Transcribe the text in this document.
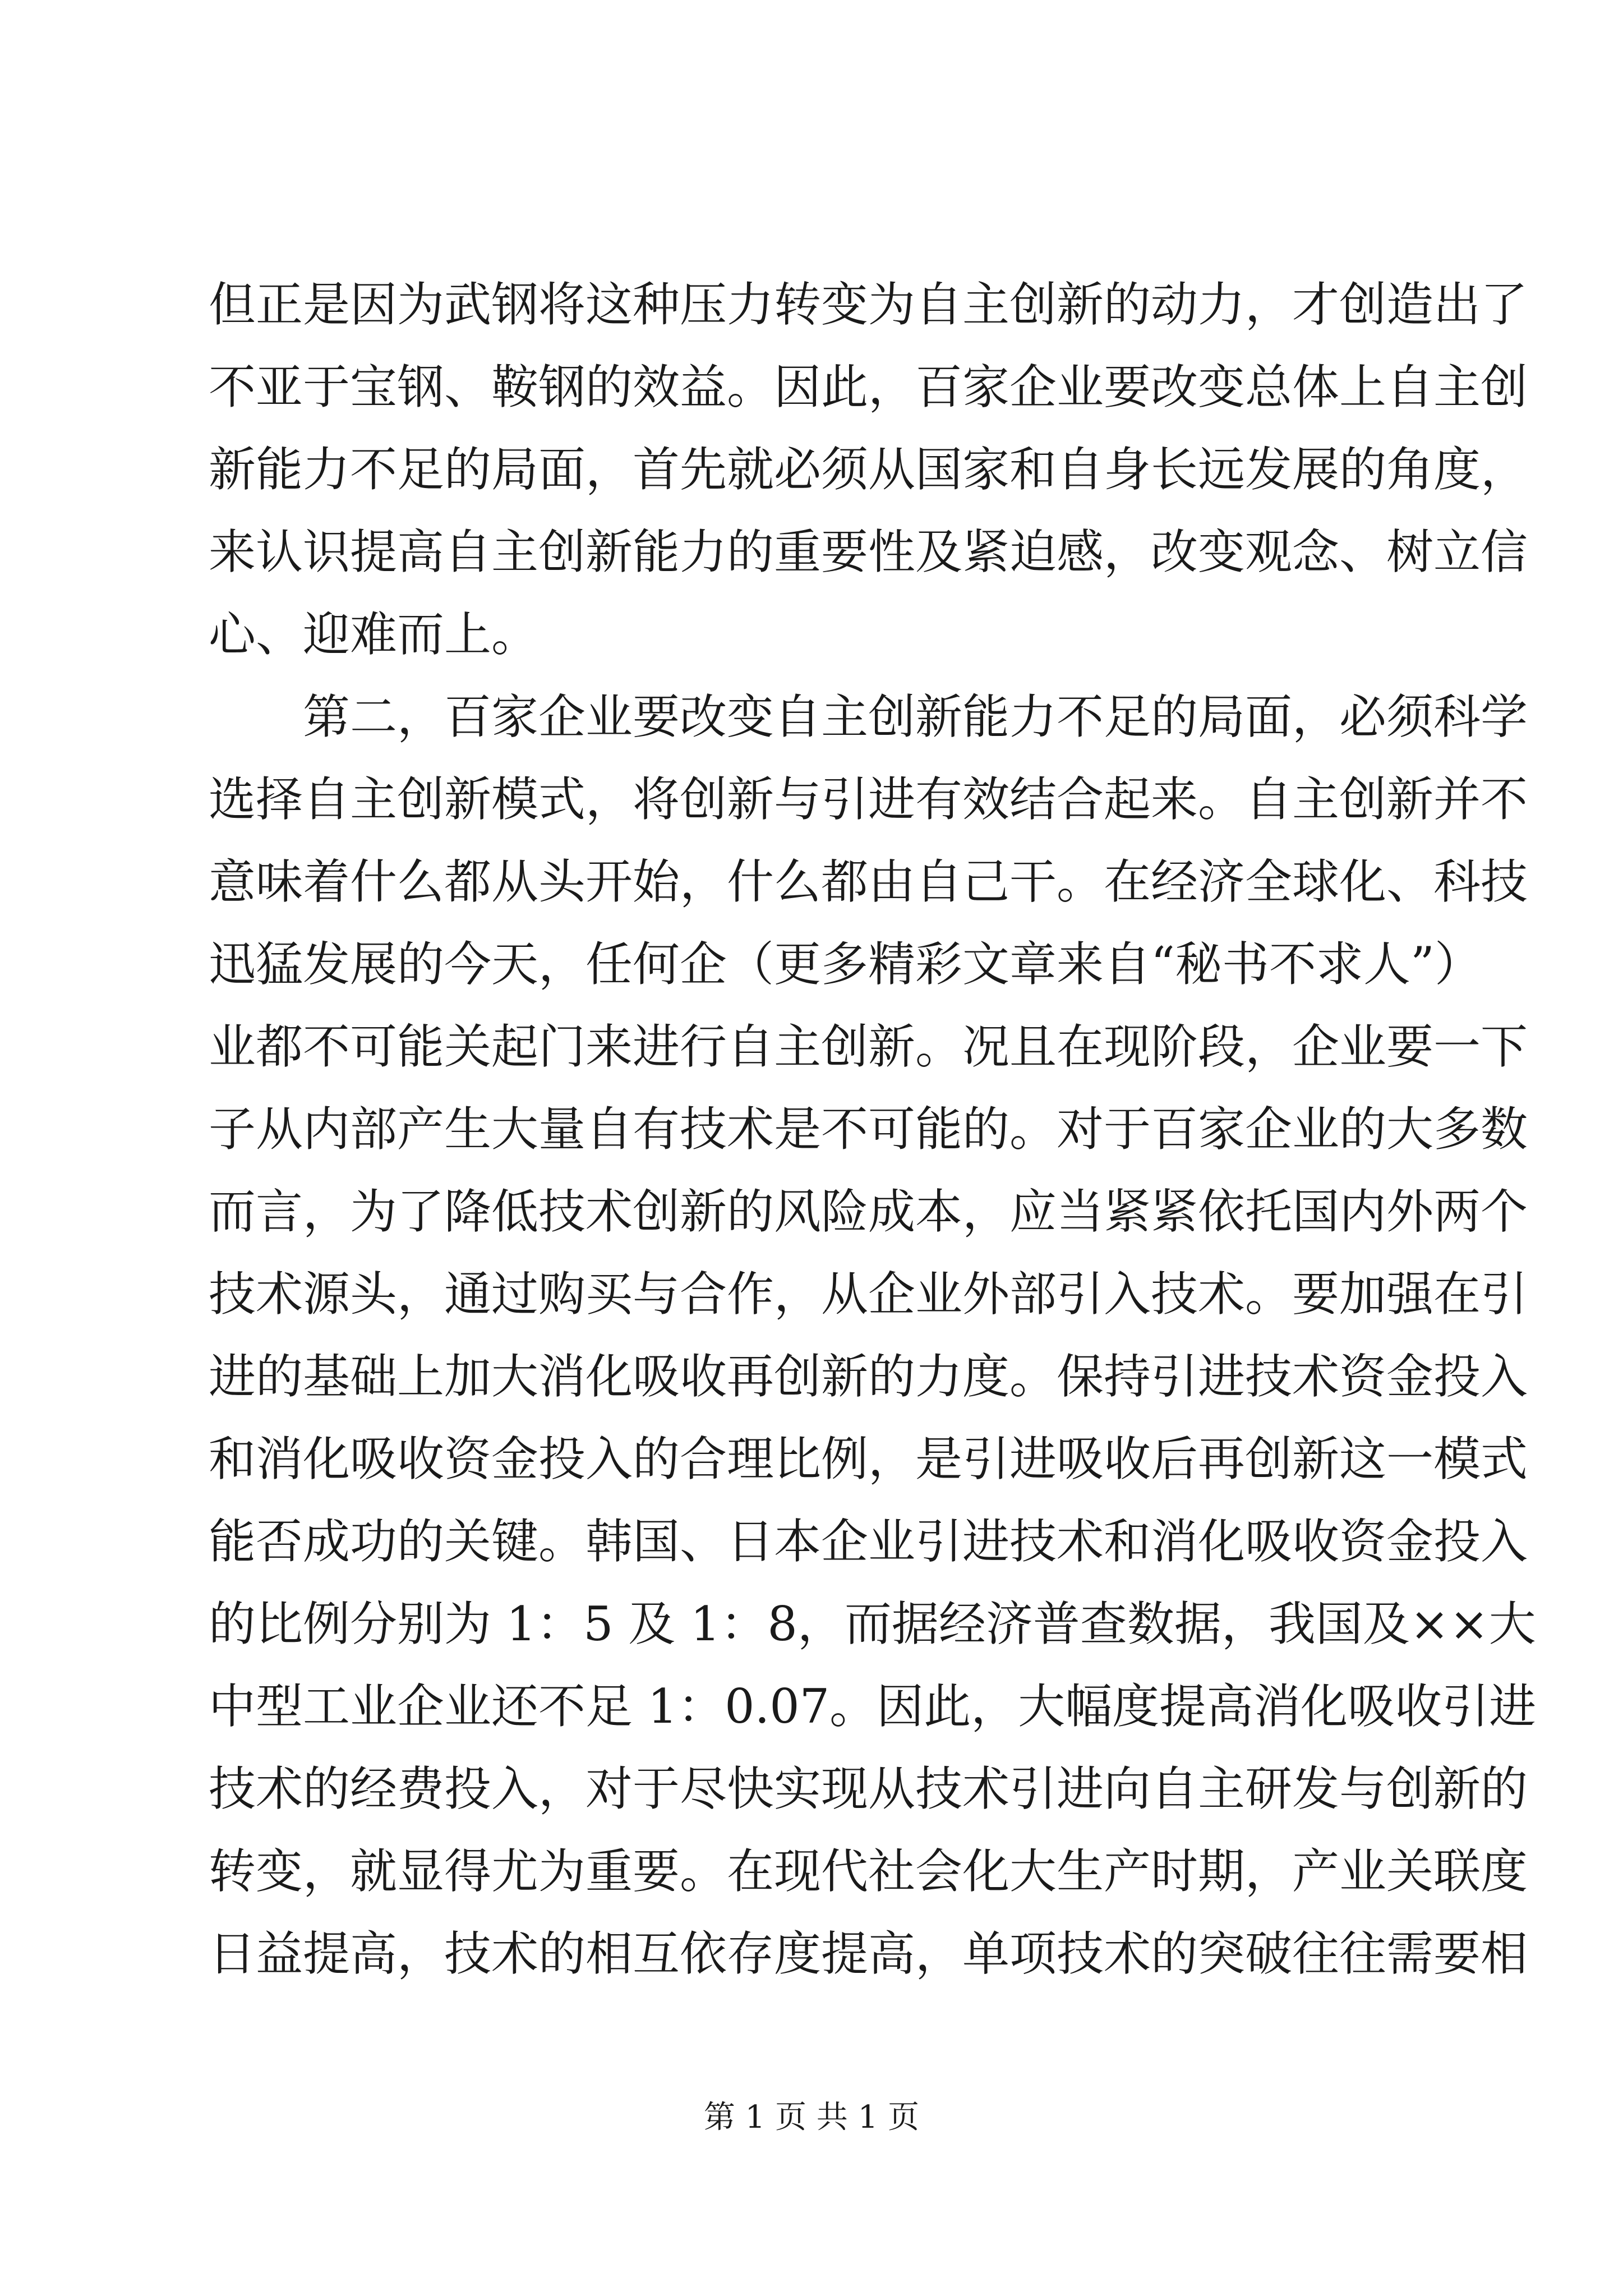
但正是因为武钢将这种压力转变为自主创新的动力，才创造出了
不亚于宝钢、鞍钢的效益。因此，百家企业要改变总体上自主创
新能力不足的局面，首先就必须从国家和自身长远发展的角度，
来认识提高自主创新能力的重要性及紧迫感，改变观念、树立信
心、迎难而上。
　　第二，百家企业要改变自主创新能力不足的局面，必须科学
选择自主创新模式，将创新与引进有效结合起来。自主创新并不
意味着什么都从头开始，什么都由自己干。在经济全球化、科技
迅猛发展的今天，任何企（更多精彩文章来自“秘书不求人”）
业都不可能关起门来进行自主创新。况且在现阶段，企业要一下
子从内部产生大量自有技术是不可能的。对于百家企业的大多数
而言，为了降低技术创新的风险成本，应当紧紧依托国内外两个
技术源头，通过购买与合作，从企业外部引入技术。要加强在引
进的基础上加大消化吸收再创新的力度。保持引进技术资金投入
和消化吸收资金投入的合理比例，是引进吸收后再创新这一模式
能否成功的关键。韩国、日本企业引进技术和消化吸收资金投入
的比例分别为 1：5 及 1：8，而据经济普查数据，我国及××大
中型工业企业还不足 1：0.07。因此，大幅度提高消化吸收引进
技术的经费投入，对于尽快实现从技术引进向自主研发与创新的
转变，就显得尤为重要。在现代社会化大生产时期，产业关联度
日益提高，技术的相互依存度提高，单项技术的突破往往需要相
第 1 页 共 1 页
